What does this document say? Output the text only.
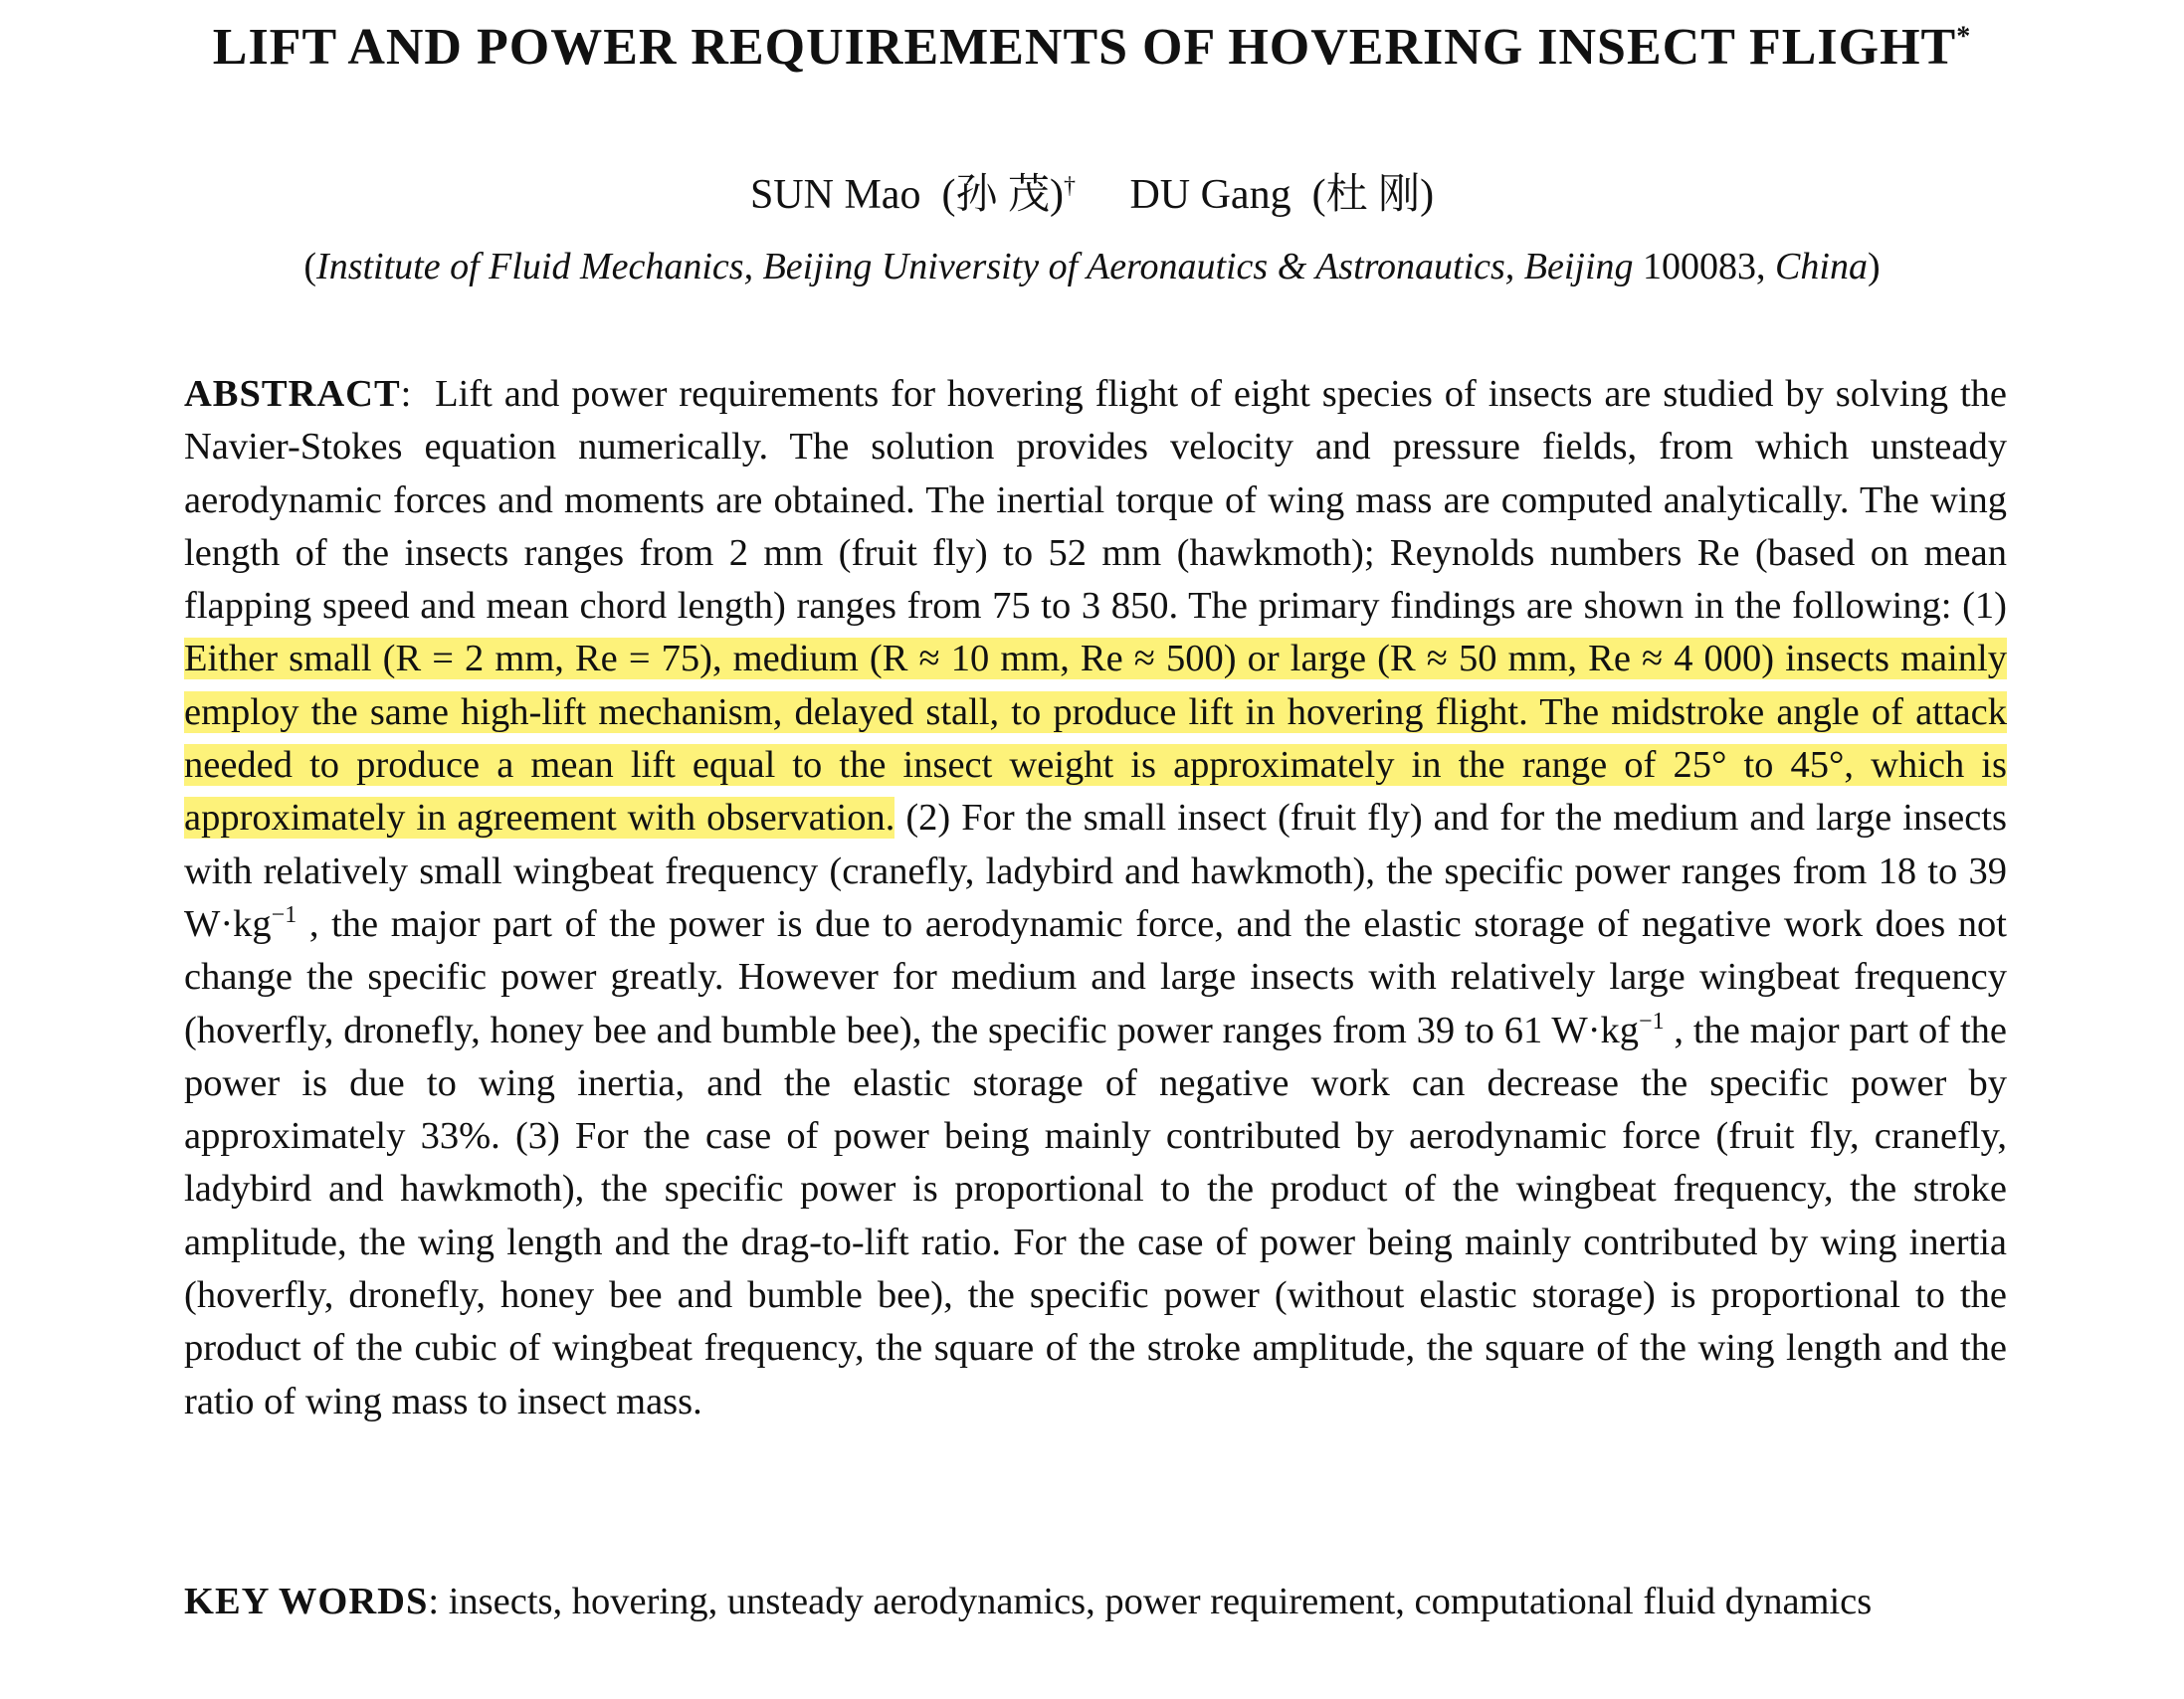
LIFT AND POWER REQUIREMENTS OF HOVERING INSECT FLIGHT*
SUN Mao (孙 茂)† DU Gang (杜 刚)
(Institute of Fluid Mechanics, Beijing University of Aeronautics & Astronautics, Beijing 100083, China)

ABSTRACT:  Lift and power requirements for hovering flight of eight species of insects are studied by solving the Navier-Stokes equation numerically. The solution provides velocity and pressure fields, from which unsteady aerodynamic forces and moments are obtained. The inertial torque of wing mass are computed analytically. The wing length of the insects ranges from 2 mm (fruit fly) to 52 mm (hawkmoth); Reynolds numbers Re (based on mean flapping speed and mean chord length) ranges from 75 to 3 850. The primary findings are shown in the following: (1) Either small (R = 2 mm, Re = 75), medium (R ≈ 10 mm, Re ≈ 500) or large (R ≈ 50 mm, Re ≈ 4 000) insects mainly employ the same high-lift mechanism, delayed stall, to produce lift in hovering flight. The midstroke angle of attack needed to produce a mean lift equal to the insect weight is approximately in the range of 25° to 45°, which is approximately in agreement with observation. (2) For the small insect (fruit fly) and for the medium and large insects with relatively small wingbeat frequency (cranefly, ladybird and hawkmoth), the specific power ranges from 18 to 39 $W\cdot kg^{-1}$ , the major part of the power is due to aerodynamic force, and the elastic storage of negative work does not change the specific power greatly. However for medium and large insects with relatively large wingbeat frequency (hoverfly, dronefly, honey bee and bumble bee), the specific power ranges from 39 to 61 $W\cdot kg^{-1}$ , the major part of the power is due to wing inertia, and the elastic storage of negative work can decrease the specific power by approximately 33%. (3) For the case of power being mainly contributed by aerodynamic force (fruit fly, cranefly, ladybird and hawkmoth), the specific power is proportional to the product of the wingbeat frequency, the stroke amplitude, the wing length and the drag-to-lift ratio. For the case of power being mainly contributed by wing inertia (hoverfly, dronefly, honey bee and bumble bee), the specific power (without elastic storage) is proportional to the product of the cubic of wingbeat frequency, the square of the stroke amplitude, the square of the wing length and the ratio of wing mass to insect mass.

KEY WORDS: insects, hovering, unsteady aerodynamics, power requirement, computational fluid dynamics
